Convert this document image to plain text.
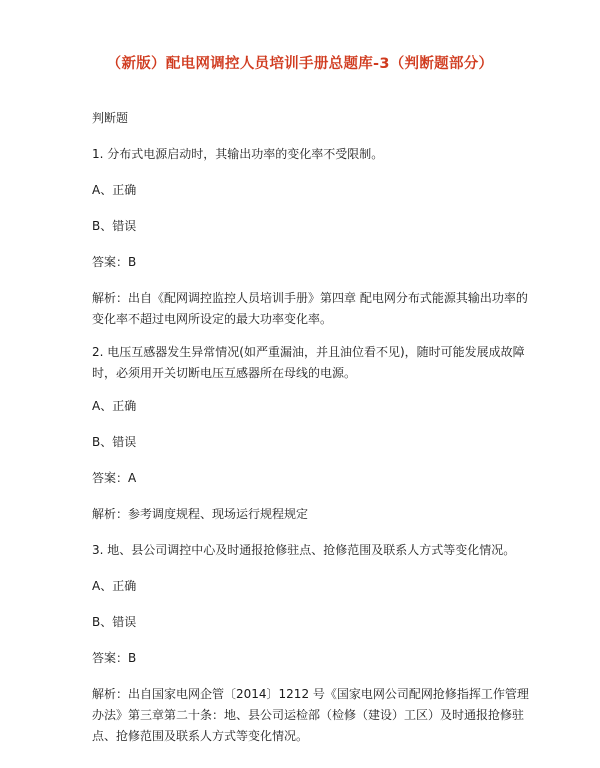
（新版）配电网调控人员培训手册总题库-3（判断题部分）
判断题
1. 分布式电源启动时，其输出功率的变化率不受限制。
A、正确
B、错误
答案：B
解析：出自《配网调控监控人员培训手册》第四章 配电网分布式能源其输出功率的变化率不超过电网所设定的最大功率变化率。
2. 电压互感器发生异常情况(如严重漏油，并且油位看不见)，随时可能发展成故障时，必须用开关切断电压互感器所在母线的电源。
A、正确
B、错误
答案：A
解析：参考调度规程、现场运行规程规定
3. 地、县公司调控中心及时通报抢修驻点、抢修范围及联系人方式等变化情况。
A、正确
B、错误
答案：B
解析：出自国家电网企管〔2014〕1212 号《国家电网公司配网抢修指挥工作管理办法》第三章第二十条：地、县公司运检部（检修（建设）工区）及时通报抢修驻点、抢修范围及联系人方式等变化情况。
